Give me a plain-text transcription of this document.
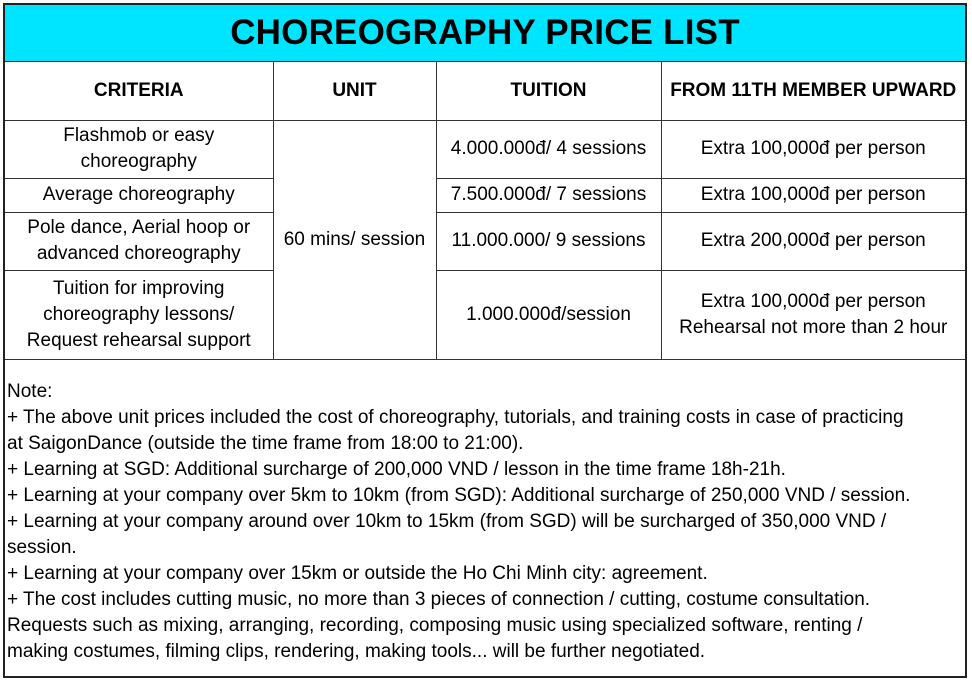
CHOREOGRAPHY PRICE LIST
CRITERIA	UNIT	TUITION	FROM 11TH MEMBER UPWARD

Flashmob or easy
choreography	60 mins/ session	4.000.000đ/ 4 sessions	Extra 100,000đ per person
Average choreography		7.500.000đ/ 7 sessions	Extra 100,000đ per person

Pole dance, Aerial hoop or
advanced choreography		11.000.000/ 9 sessions	Extra 200,000đ per person

Tuition for improving
choreography lessons/
Request rehearsal support		1.000.000đ/session	Extra 100,000đ per person
Rehearsal not more than 2 hour
Note:
+ The above unit prices included the cost of choreography, tutorials, and training costs in case of practicing
at SaigonDance (outside the time frame from 18:00 to 21:00).
+ Learning at SGD: Additional surcharge of 200,000 VND / lesson in the time frame 18h-21h.
+ Learning at your company over 5km to 10km (from SGD): Additional surcharge of 250,000 VND / session.
+ Learning at your company around over 10km to 15km (from SGD) will be surcharged of 350,000 VND /
session.
+ Learning at your company over 15km or outside the Ho Chi Minh city: agreement.
+ The cost includes cutting music, no more than 3 pieces of connection / cutting, costume consultation.
Requests such as mixing, arranging, recording, composing music using specialized software, renting /
making costumes, filming clips, rendering, making tools... will be further negotiated.
